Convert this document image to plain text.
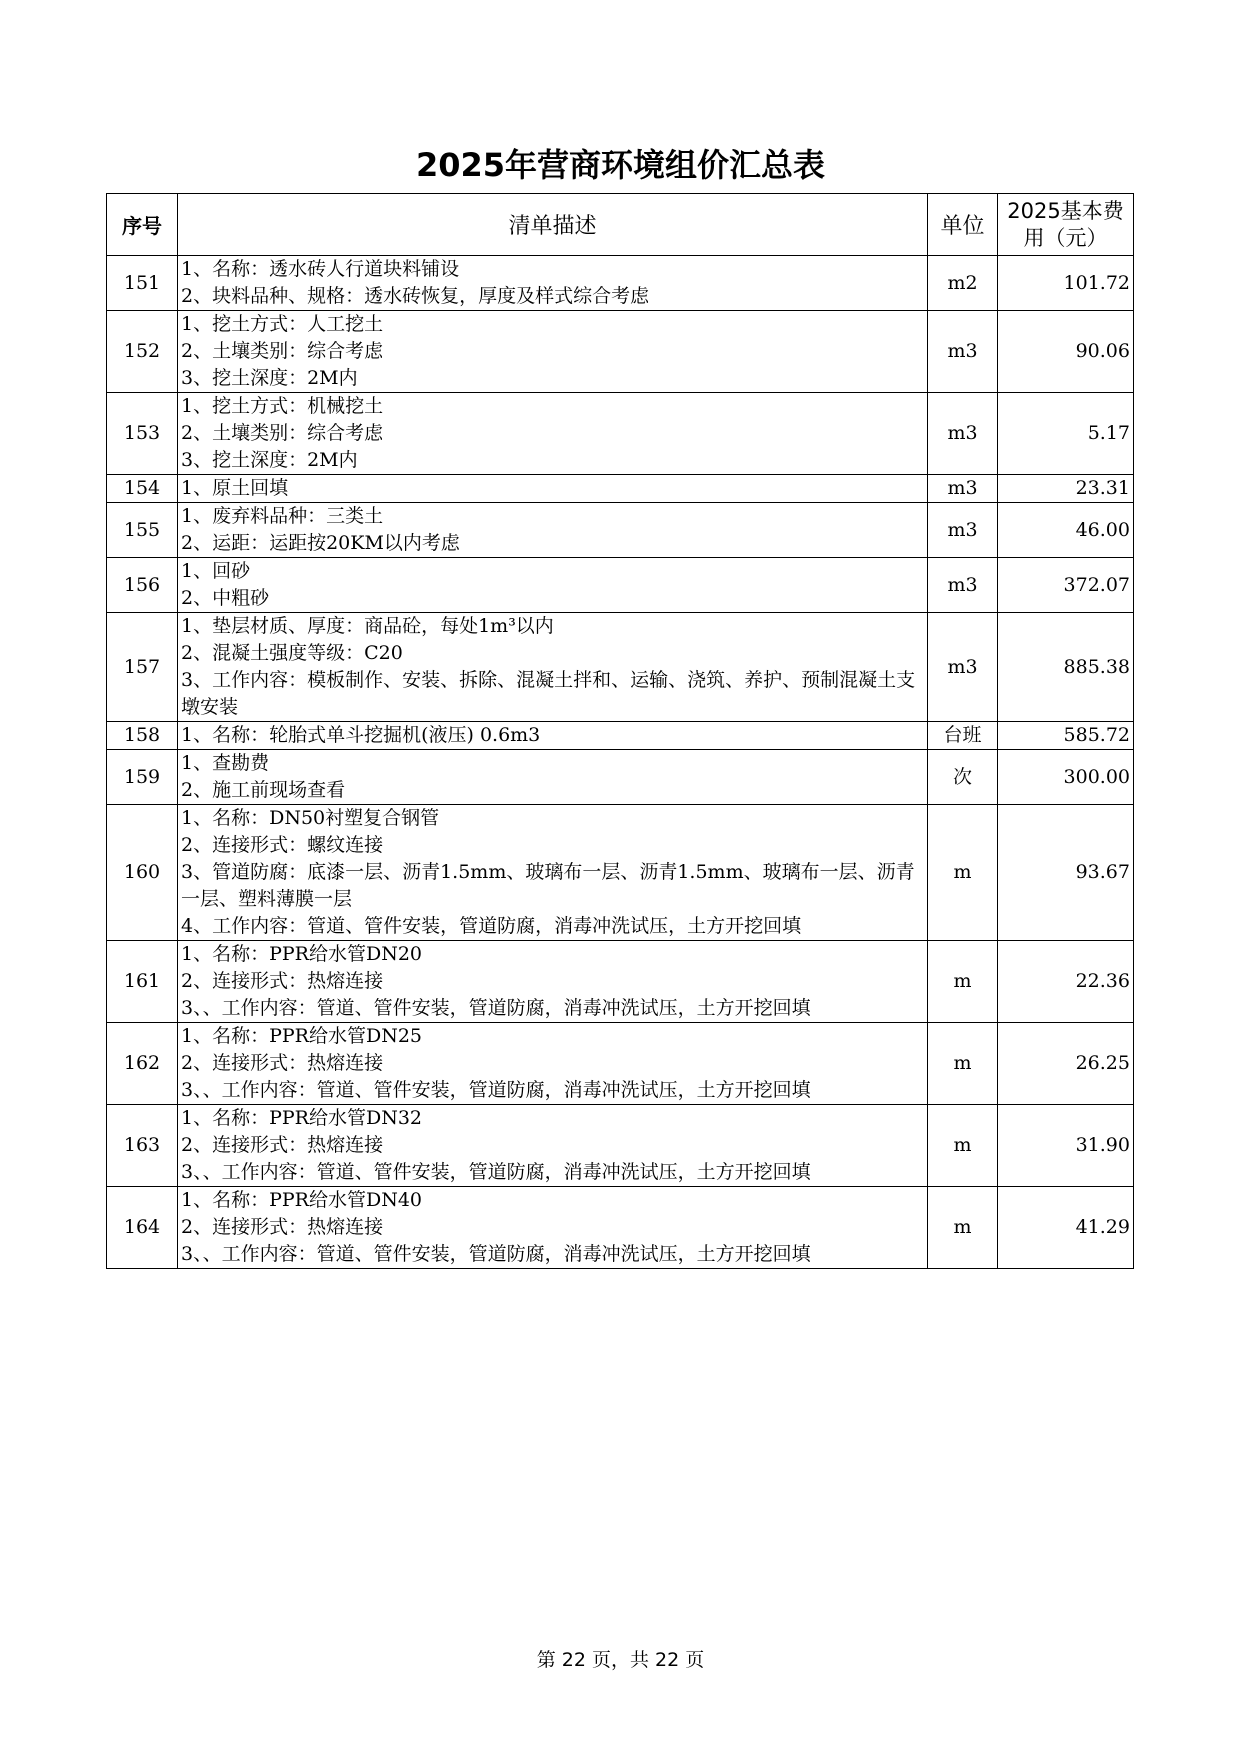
2025年营商环境组价汇总表
序号	清单描述	单位	2025基本费用（元）
151	1、名称：透水砖人行道块料铺设
2、块料品种、规格：透水砖恢复，厚度及样式综合考虑	m2	101.72
152	1、挖土方式：人工挖土
2、土壤类别：综合考虑
3、挖土深度：2M内	m3	90.06
153	1、挖土方式：机械挖土
2、土壤类别：综合考虑
3、挖土深度：2M内	m3	5.17
154	1、原土回填	m3	23.31
155	1、废弃料品种：三类土
2、运距：运距按20KM以内考虑	m3	46.00
156	1、回砂
2、中粗砂	m3	372.07
157	1、垫层材质、厚度：商品砼，每处1m³以内
2、混凝土强度等级：C20
3、工作内容：模板制作、安装、拆除、混凝土拌和、运输、浇筑、养护、预制混凝土支墩安装	m3	885.38
158	1、名称：轮胎式单斗挖掘机(液压) 0.6m3	台班	585.72
159	1、查勘费
2、施工前现场查看	次	300.00
160	1、名称：DN50衬塑复合钢管
2、连接形式：螺纹连接
3、管道防腐：底漆一层、沥青1.5mm、玻璃布一层、沥青1.5mm、玻璃布一层、沥青一层、塑料薄膜一层
4、工作内容：管道、管件安装，管道防腐，消毒冲洗试压，土方开挖回填	m	93.67
161	1、名称：PPR给水管DN20
2、连接形式：热熔连接
3、、工作内容：管道、管件安装，管道防腐，消毒冲洗试压，土方开挖回填	m	22.36
162	1、名称：PPR给水管DN25
2、连接形式：热熔连接
3、、工作内容：管道、管件安装，管道防腐，消毒冲洗试压，土方开挖回填	m	26.25
163	1、名称：PPR给水管DN32
2、连接形式：热熔连接
3、、工作内容：管道、管件安装，管道防腐，消毒冲洗试压，土方开挖回填	m	31.90
164	1、名称：PPR给水管DN40
2、连接形式：热熔连接
3、、工作内容：管道、管件安装，管道防腐，消毒冲洗试压，土方开挖回填	m	41.29
第 22 页，共 22 页
